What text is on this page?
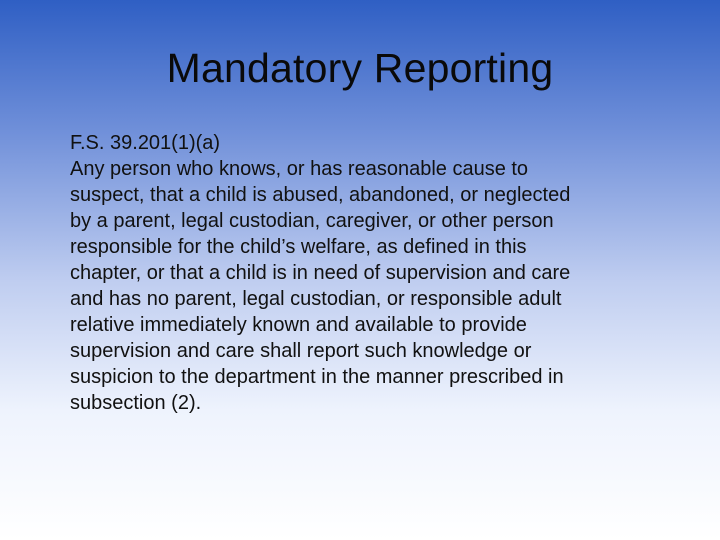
Mandatory Reporting
F.S. 39.201(1)(a)
Any person who knows, or has reasonable cause to
suspect, that a child is abused, abandoned, or neglected
by a parent, legal custodian, caregiver, or other person
responsible for the child’s welfare, as defined in this
chapter, or that a child is in need of supervision and care
and has no parent, legal custodian, or responsible adult
relative immediately known and available to provide
supervision and care shall report such knowledge or
suspicion to the department in the manner prescribed in
subsection (2).
